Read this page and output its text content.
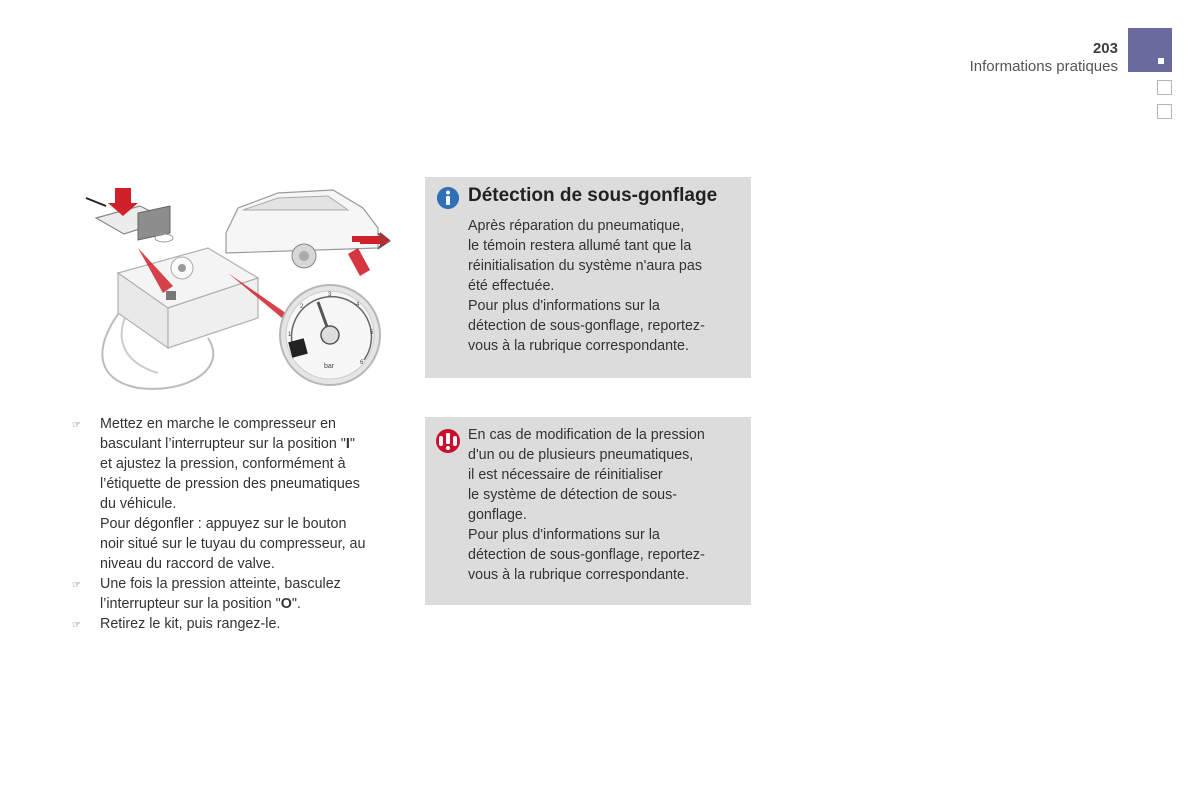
203
Informations pratiques
1
2
3
4
5
6
bar
☞	Mettez en marche le compresseur en
basculant l’interrupteur sur la position "I"
et ajustez la pression, conformément à
l’étiquette de pression des pneumatiques
du véhicule.
Pour dégonfler : appuyez sur le bouton
noir situé sur le tuyau du compresseur, au
niveau du raccord de valve.
☞	Une fois la pression atteinte, basculez
l’interrupteur sur la position "O".
☞	Retirez le kit, puis rangez-le.
Détection de sous-gonflage
Après réparation du pneumatique,
le témoin restera allumé tant que la
réinitialisation du système n'aura pas
été effectuée.
Pour plus d'informations sur la
détection de sous-gonflage, reportez-
vous à la rubrique correspondante.
En cas de modification de la pression
d'un ou de plusieurs pneumatiques,
il est nécessaire de réinitialiser
le système de détection de sous-
gonflage.
Pour plus d'informations sur la
détection de sous-gonflage, reportez-
vous à la rubrique correspondante.
